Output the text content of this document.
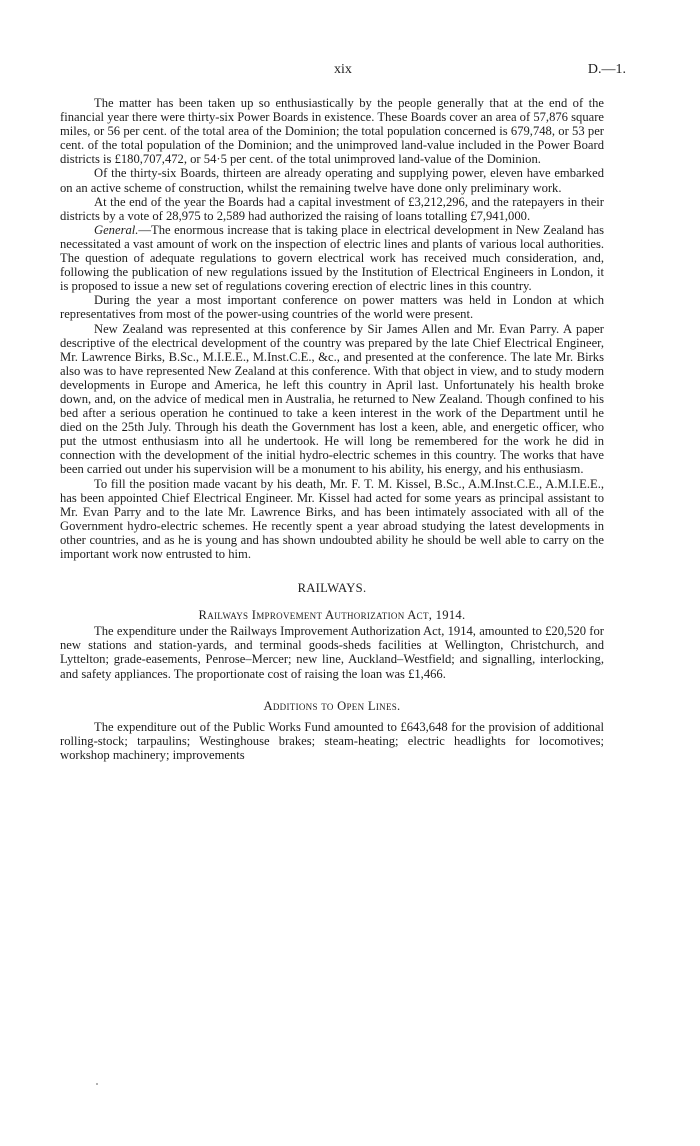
xix	D.—1.

The matter has been taken up so enthusiastically by the people generally that at the end of the financial year there were thirty-six Power Boards in existence. These Boards cover an area of 57,876 square miles, or 56 per cent. of the total area of the Dominion; the total population concerned is 679,748, or 53 per cent. of the total population of the Dominion; and the unimproved land-value included in the Power Board districts is £180,707,472, or 54·5 per cent. of the total unimproved land-value of the Dominion.

Of the thirty-six Boards, thirteen are already operating and supplying power, eleven have embarked on an active scheme of construction, whilst the remaining twelve have done only preliminary work.

At the end of the year the Boards had a capital investment of £3,212,296, and the ratepayers in their districts by a vote of 28,975 to 2,589 had authorized the raising of loans totalling £7,941,000.

General.—The enormous increase that is taking place in electrical development in New Zealand has necessitated a vast amount of work on the inspection of electric lines and plants of various local authorities. The question of adequate regulations to govern electrical work has received much consideration, and, following the publication of new regulations issued by the Institution of Electrical Engineers in London, it is proposed to issue a new set of regulations covering erection of electric lines in this country.

During the year a most important conference on power matters was held in London at which representatives from most of the power-using countries of the world were present.

New Zealand was represented at this conference by Sir James Allen and Mr. Evan Parry. A paper descriptive of the electrical development of the country was prepared by the late Chief Electrical Engineer, Mr. Lawrence Birks, B.Sc., M.I.E.E., M.Inst.C.E., &c., and presented at the conference. The late Mr. Birks also was to have represented New Zealand at this conference. With that object in view, and to study modern developments in Europe and America, he left this country in April last. Unfortunately his health broke down, and, on the advice of medical men in Australia, he returned to New Zealand. Though confined to his bed after a serious operation he continued to take a keen interest in the work of the Department until he died on the 25th July. Through his death the Government has lost a keen, able, and energetic officer, who put the utmost enthusiasm into all he undertook. He will long be remembered for the work he did in connection with the development of the initial hydro-electric schemes in this country. The works that have been carried out under his supervision will be a monument to his ability, his energy, and his enthusiasm.

To fill the position made vacant by his death, Mr. F. T. M. Kissel, B.Sc., A.M.Inst.C.E., A.M.I.E.E., has been appointed Chief Electrical Engineer. Mr. Kissel had acted for some years as principal assistant to Mr. Evan Parry and to the late Mr. Lawrence Birks, and has been intimately associated with all of the Government hydro-electric schemes. He recently spent a year abroad studying the latest developments in other countries, and as he is young and has shown undoubted ability he should be well able to carry on the important work now entrusted to him.

RAILWAYS.

Railways Improvement Authorization Act, 1914.

The expenditure under the Railways Improvement Authorization Act, 1914, amounted to £20,520 for new stations and station-yards, and terminal goods-sheds facilities at Wellington, Christchurch, and Lyttelton; grade-easements, Penrose–Mercer; new line, Auckland–Westfield; and signalling, interlocking, and safety appliances. The proportionate cost of raising the loan was £1,466.

Additions to Open Lines.

The expenditure out of the Public Works Fund amounted to £643,648 for the provision of additional rolling-stock; tarpaulins; Westinghouse brakes; steam-heating; electric headlights for locomotives; workshop machinery; improvements
